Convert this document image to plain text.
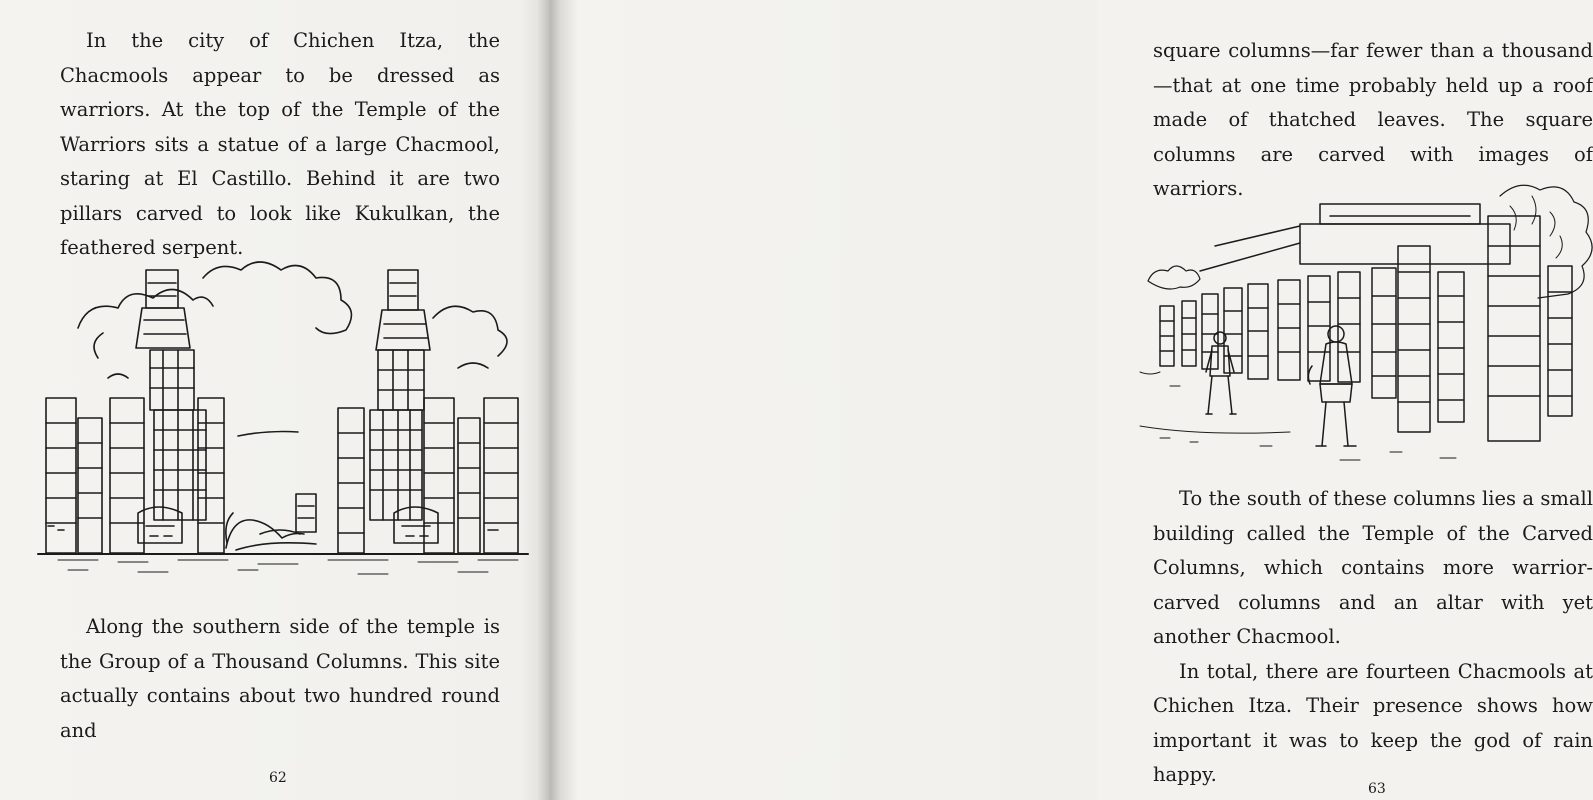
In the city of Chichen Itza, the Chacmools appear to be dressed as warriors. At the top of the Temple of the Warriors sits a statue of a large Chacmool, staring at El Castillo. Behind it are two pillars carved to look like Kukulkan, the feathered serpent.

Along the southern side of the temple is the Group of a Thousand Columns. This site actually contains about two hundred round and

62

square columns—far fewer than a thousand—that at one time probably held up a roof made of thatched leaves. The square columns are carved with images of warriors.

To the south of these columns lies a small building called the Temple of the Carved Columns, which contains more warrior-carved columns and an altar with yet another Chacmool.

In total, there are fourteen Chacmools at Chichen Itza. Their presence shows how important it was to keep the god of rain happy.

63
